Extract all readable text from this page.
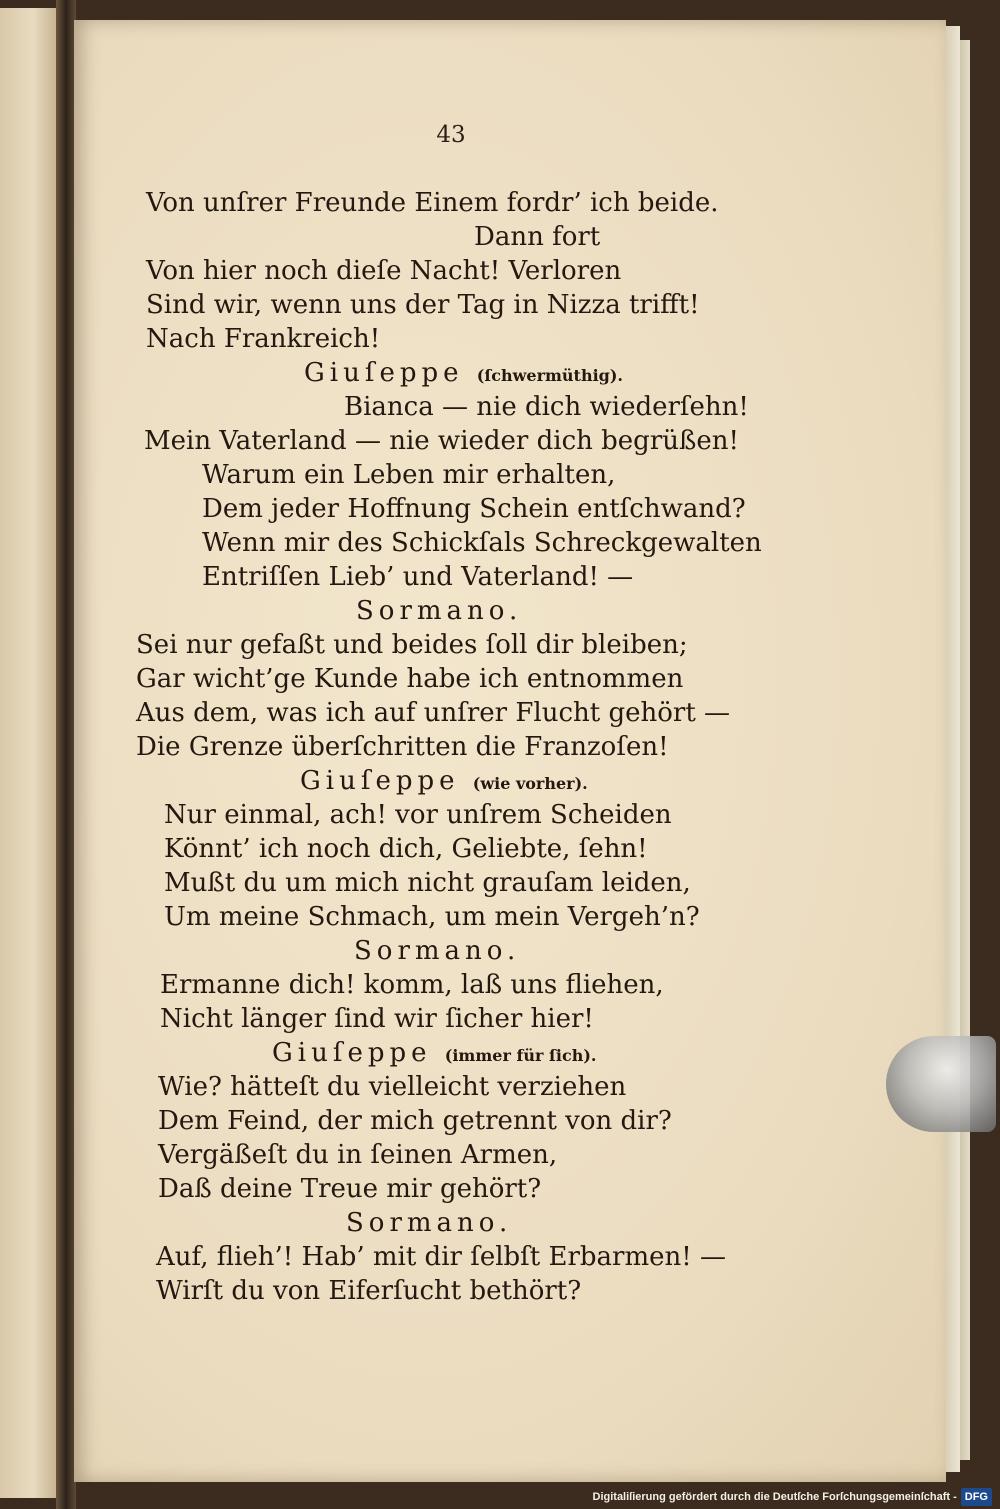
43
Von unſrer Freunde Einem fordr’ ich beide.
Dann fort
Von hier noch dieſe Nacht! Verloren
Sind wir, wenn uns der Tag in Nizza trifft!
Nach Frankreich!
Giuſeppe (ſchwermüthig).
Bianca — nie dich wiederſehn!
Mein Vaterland — nie wieder dich begrüßen!
Warum ein Leben mir erhalten,
Dem jeder Hoffnung Schein entſchwand?
Wenn mir des Schickſals Schreckgewalten
Entriſſen Lieb’ und Vaterland! —
Sormano.
Sei nur gefaßt und beides ſoll dir bleiben;
Gar wicht’ge Kunde habe ich entnommen
Aus dem, was ich auf unſrer Flucht gehört —
Die Grenze überſchritten die Franzoſen!
Giuſeppe (wie vorher).
Nur einmal, ach! vor unſrem Scheiden
Könnt’ ich noch dich, Geliebte, ſehn!
Mußt du um mich nicht grauſam leiden,
Um meine Schmach, um mein Vergeh’n?
Sormano.
Ermanne dich! komm, laß uns fliehen,
Nicht länger ſind wir ſicher hier!
Giuſeppe (immer für ſich).
Wie? hätteſt du vielleicht verziehen
Dem Feind, der mich getrennt von dir?
Vergäßeſt du in ſeinen Armen,
Daß deine Treue mir gehört?
Sormano.
Auf, flieh’! Hab’ mit dir ſelbſt Erbarmen! —
Wirſt du von Eiferſucht bethört?
Digitaliſierung gefördert durch die Deutſche Forſchungsgemeinſchaft - DFG
